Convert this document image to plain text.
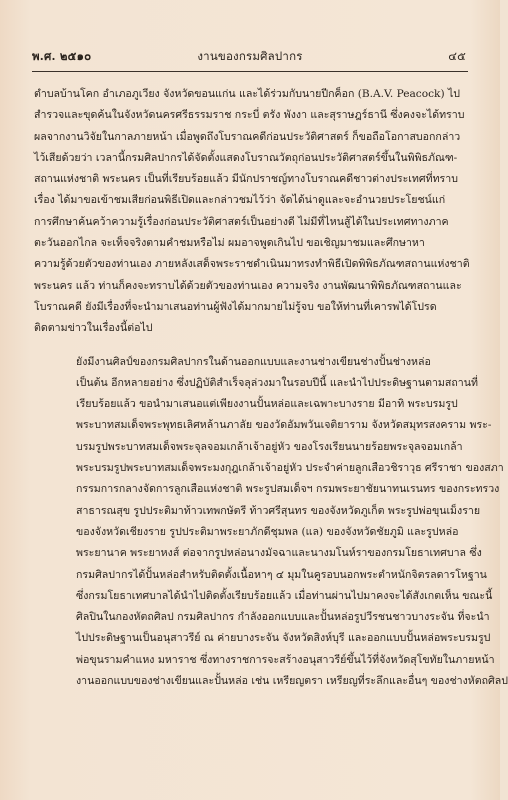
พ.ศ. ๒๕๑๐	งานของกรมศิลปากร	๔๕

ตำบลบ้านโคก อำเภอภูเวียง จังหวัดขอนแก่น และได้ร่วมกับนายปีกค็อก (B.A.V. Peacock) ไป
สำรวจและขุดค้นในจังหวัดนครศรีธรรมราช กระบี่ ตรัง พังงา และสุราษฎร์ธานี ซึ่งคงจะได้ทราบ
ผลจากงานวิจัยในกาลภายหน้า เมื่อพูดถึงโบราณคดีก่อนประวัติศาสตร์ ก็ขอถือโอกาสบอกกล่าว
ไว้เสียด้วยว่า เวลานี้กรมศิลปากรได้จัดตั้งแสดงโบราณวัตถุก่อนประวัติศาสตร์ขึ้นในพิพิธภัณฑ-
สถานแห่งชาติ พระนคร เป็นที่เรียบร้อยแล้ว มีนักปราชญ์ทางโบราณคดีชาวต่างประเทศที่ทราบ
เรื่อง ได้มาขอเข้าชมเสียก่อนพิธีเปิดและกล่าวชมไว้ว่า จัดได้น่าดูและจะอำนวยประโยชน์แก่
การศึกษาค้นคว้าความรู้เรื่องก่อนประวัติศาสตร์เป็นอย่างดี ไม่มีที่ไหนสู้ได้ในประเทศทางภาค
ตะวันออกไกล จะเท็จจริงตามคำชมหรือไม่ ผมอาจพูดเกินไป ขอเชิญมาชมและศึกษาหา
ความรู้ด้วยตัวของท่านเอง ภายหลังเสด็จพระราชดำเนินมาทรงทำพิธีเปิดพิพิธภัณฑสถานแห่งชาติ
พระนคร แล้ว ท่านก็คงจะทราบได้ด้วยตัวของท่านเอง ความจริง งานพัฒนาพิพิธภัณฑสถานและ
โบราณคดี ยังมีเรื่องที่จะนำมาเสนอท่านผู้ฟังได้มากมายไม่รู้จบ ขอให้ท่านที่เคารพได้โปรด
ติดตามข่าวในเรื่องนี้ต่อไป

ยังมีงานศิลป์ของกรมศิลปากรในด้านออกแบบและงานช่างเขียนช่างปั้นช่างหล่อ
เป็นต้น อีกหลายอย่าง ซึ่งปฏิบัติสำเร็จลุล่วงมาในรอบปีนี้ และนำไปประดิษฐานตามสถานที่
เรียบร้อยแล้ว ขอนำมาเสนอแต่เพียงงานปั้นหล่อและเฉพาะบางราย มีอาทิ พระบรมรูป
พระบาทสมเด็จพระพุทธเลิศหล้านภาลัย ของวัดอัมพวันเจติยาราม จังหวัดสมุทรสงคราม พระ-
บรมรูปพระบาทสมเด็จพระจุลจอมเกล้าเจ้าอยู่หัว ของโรงเรียนนายร้อยพระจุลจอมเกล้า
พระบรมรูปพระบาทสมเด็จพระมงกุฎเกล้าเจ้าอยู่หัว ประจำค่ายลูกเสือวชิราวุธ ศรีราชา ของสภา
กรรมการกลางจัดการลูกเสือแห่งชาติ พระรูปสมเด็จฯ กรมพระยาชัยนาทนเรนทร ของกระทรวง
สาธารณสุข รูปประติมาท้าวเทพกษัตรี ท้าวศรีสุนทร ของจังหวัดภูเก็ต พระรูปพ่อขุนเม็งราย
ของจังหวัดเชียงราย รูปประติมาพระยาภักดีชุมพล (แล) ของจังหวัดชัยภูมิ และรูปหล่อ
พระยานาค พระยาหงส์ ต่อจากรูปหล่อนางมัจฉาและนางมโนห์ราของกรมโยธาเทศบาล ซึ่ง
กรมศิลปากรได้ปั้นหล่อสำหรับติดตั้งเนื้อหาๆ ๔ มุมในคูรอบนอกพระตำหนักจิตรลดารโหฐาน
ซึ่งกรมโยธาเทศบาลได้นำไปติดตั้งเรียบร้อยแล้ว เมื่อท่านผ่านไปมาคงจะได้สังเกตเห็น ขณะนี้
ศิลปินในกองหัตถศิลป กรมศิลปากร กำลังออกแบบและปั้นหล่อรูปวีรชนชาวบางระจัน ที่จะนำ
ไปประดิษฐานเป็นอนุสาวรีย์ ณ ค่ายบางระจัน จังหวัดสิงห์บุรี และออกแบบปั้นหล่อพระบรมรูป
พ่อขุนรามคำแหง มหาราช ซึ่งทางราชการจะสร้างอนุสาวรีย์ขึ้นไว้ที่จังหวัดสุโขทัยในภายหน้า
งานออกแบบของช่างเขียนและปั้นหล่อ เช่น เหรียญตรา เหรียญที่ระลึกและอื่นๆ ของช่างหัตถศิลป
